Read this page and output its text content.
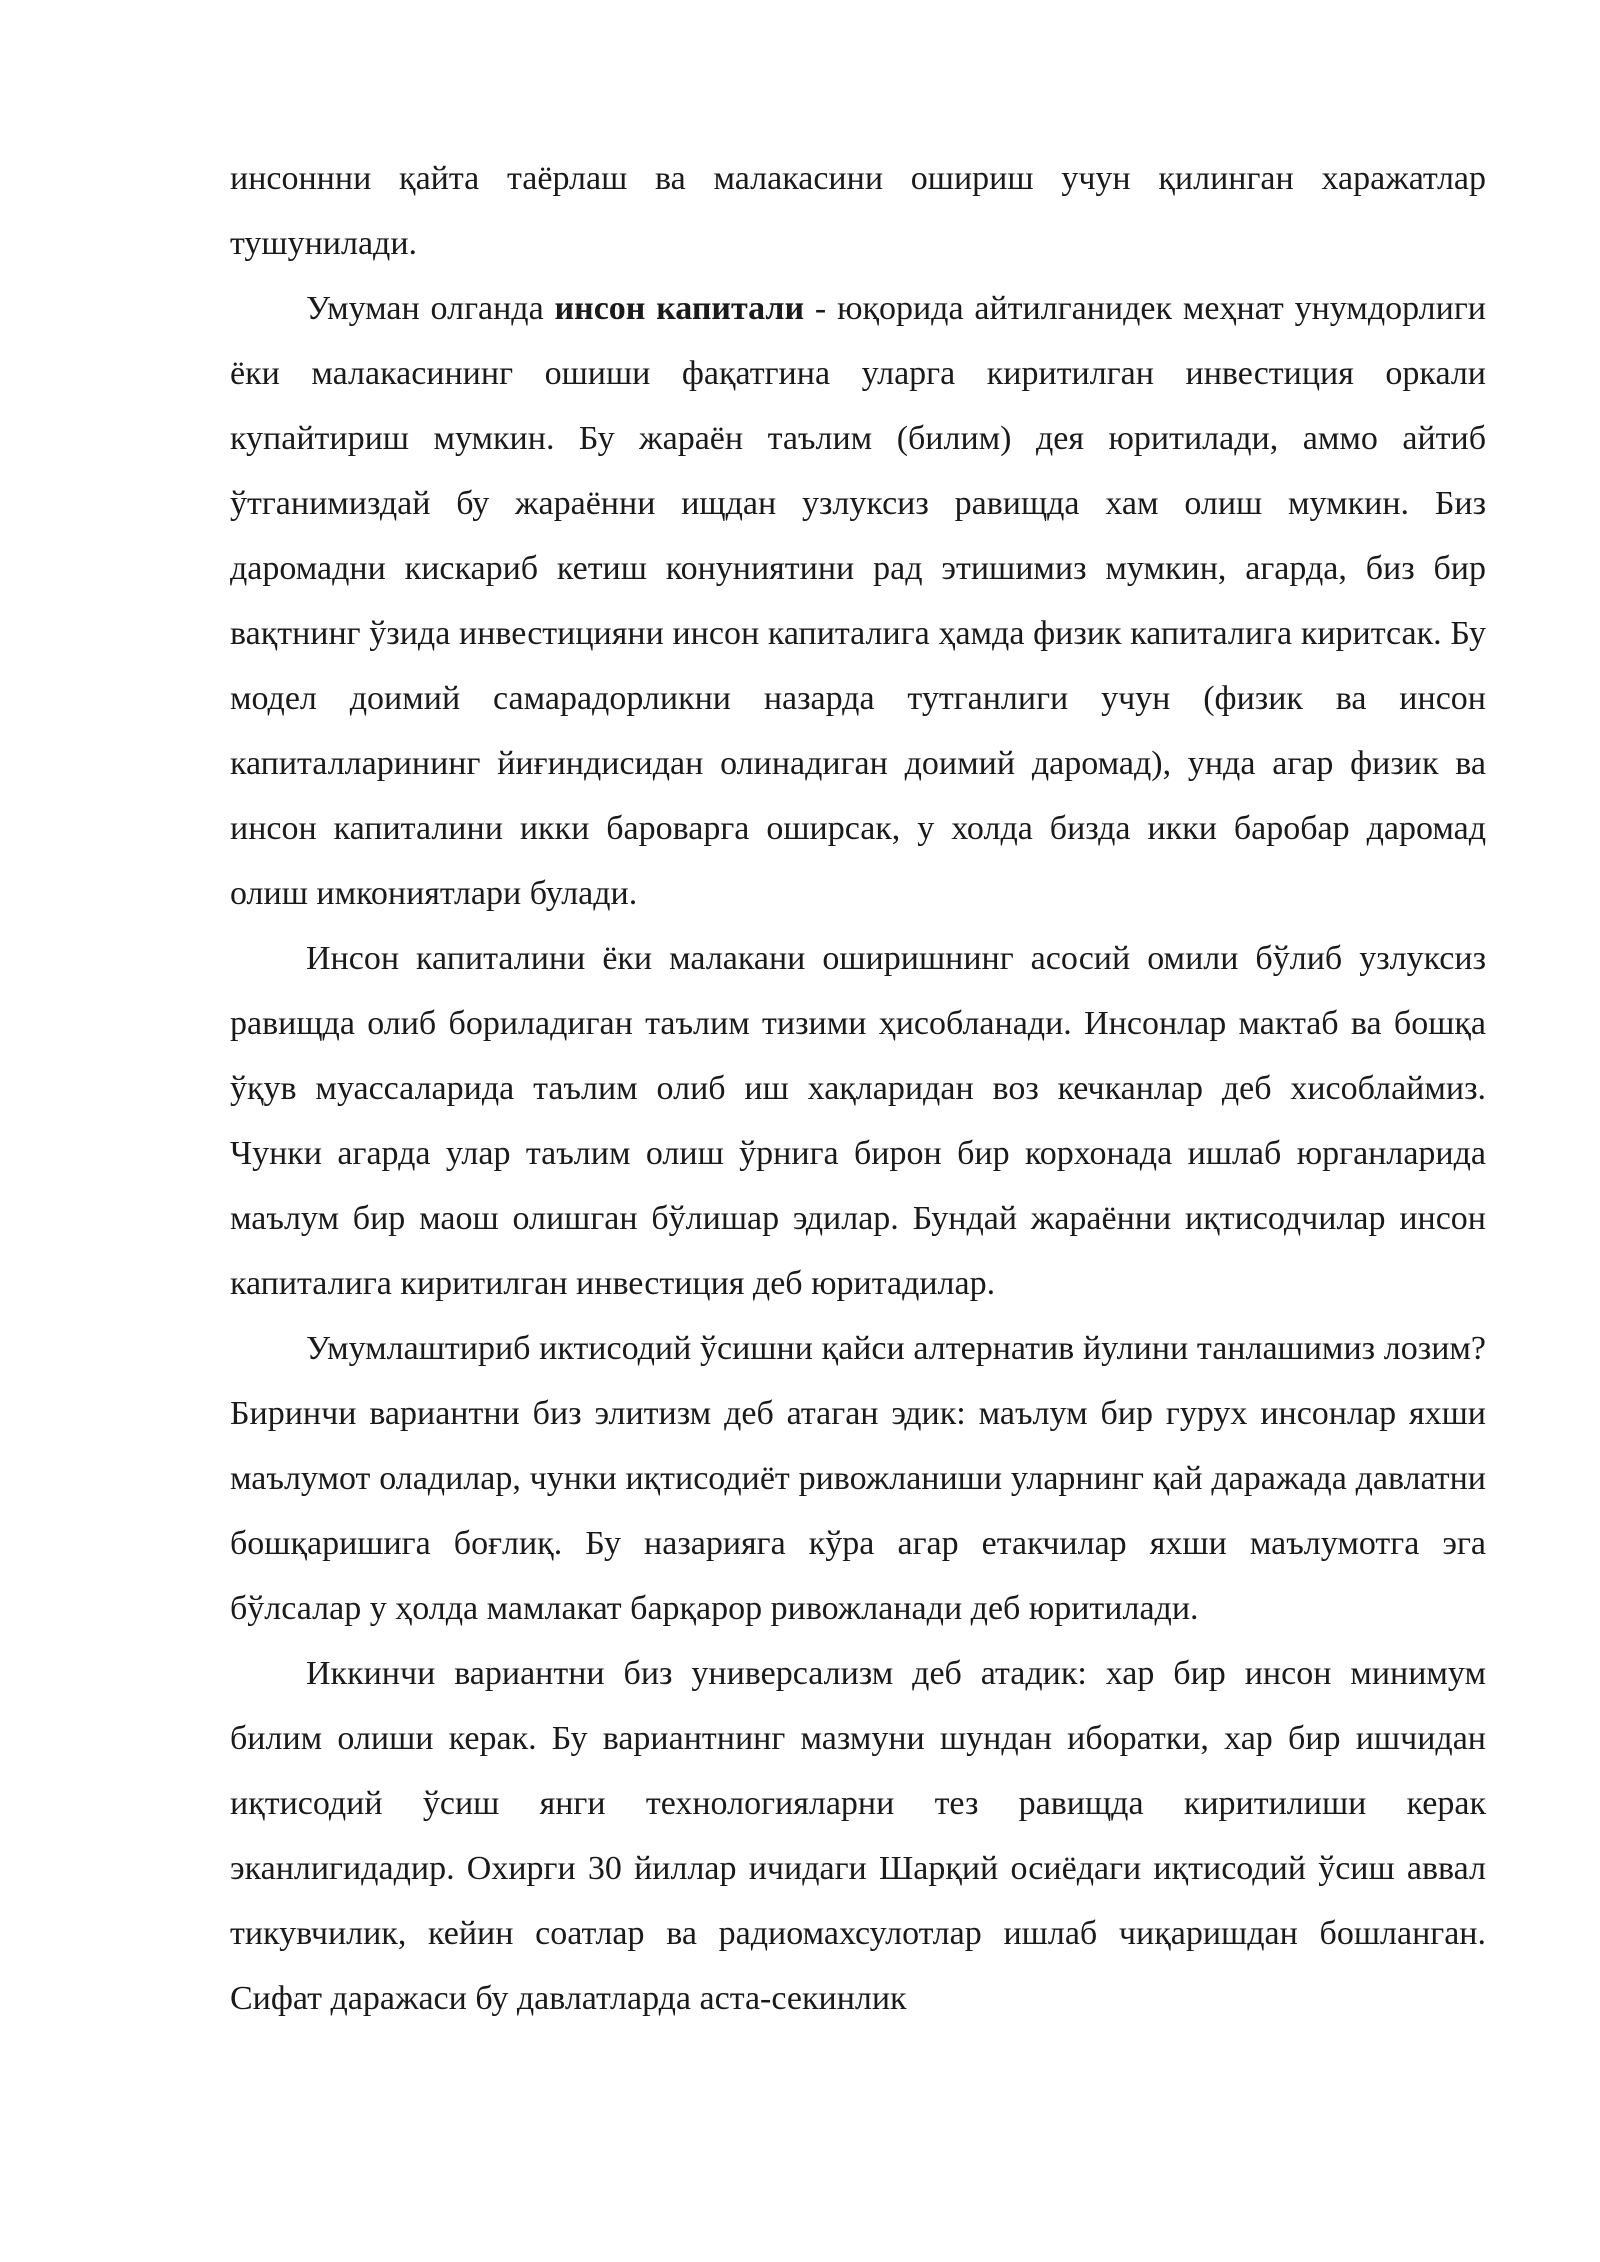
инсоннни қайта таёрлаш ва малакасини ошириш учун қилинган харажатлар тушунилади.

Умуман олганда инсон капитали - юқорида айтилганидек меҳнат унумдорлиги ёки малакасининг ошиши фақатгина уларга киритилган инвестиция оркали купайтириш мумкин. Бу жараён таълим (билим) дея юритилади, аммо айтиб ўтганимиздай бу жараённи ищдан узлуксиз равищда хам олиш мумкин. Биз даромадни кискариб кетиш конуниятини рад этишимиз мумкин, агарда, биз бир вақтнинг ўзида инвестицияни инсон капиталига ҳамда физик капиталига киритсак. Бу модел доимий самарадорликни назарда тутганлиги учун (физик ва инсон капиталларининг йиғиндисидан олинадиган доимий даромад), унда агар физик ва инсон капиталини икки бароварга оширсак, у холда бизда икки баробар даромад олиш имкониятлари булади.

Инсон капиталини ёки малакани оширишнинг асосий омили бўлиб узлуксиз равищда олиб бориладиган таълим тизими ҳисобланади. Инсонлар мактаб ва бошқа ўқув муассаларида таълим олиб иш хақларидан воз кечканлар деб хисоблаймиз. Чунки агарда улар таълим олиш ўрнига бирон бир корхонада ишлаб юрганларида маълум бир маош олишган бўлишар эдилар. Бундай жараённи иқтисодчилар инсон капиталига киритилган инвестиция деб юритадилар.

Умумлаштириб иктисодий ўсишни қайси алтернатив йулини танлашимиз лозим? Биринчи вариантни биз элитизм деб атаган эдик: маълум бир гурух инсонлар яхши маълумот оладилар, чунки иқтисодиёт ривожланиши уларнинг қай даражада давлатни бошқаришига боғлиқ. Бу назарияга кўра агар етакчилар яхши маълумотга эга бўлсалар у ҳолда мамлакат барқарор ривожланади деб юритилади.

Иккинчи вариантни биз универсализм деб атадик: хар бир инсон минимум билим олиши керак. Бу вариантнинг мазмуни шундан иборатки, хар бир ишчидан иқтисодий ўсиш янги технологияларни тез равищда киритилиши керак эканлигидадир. Охирги 30 йиллар ичидаги Шарқий осиёдаги иқтисодий ўсиш аввал тикувчилик, кейин соатлар ва радиомахсулотлар ишлаб чиқаришдан бошланган. Сифат даражаси бу давлатларда аста-секинлик
